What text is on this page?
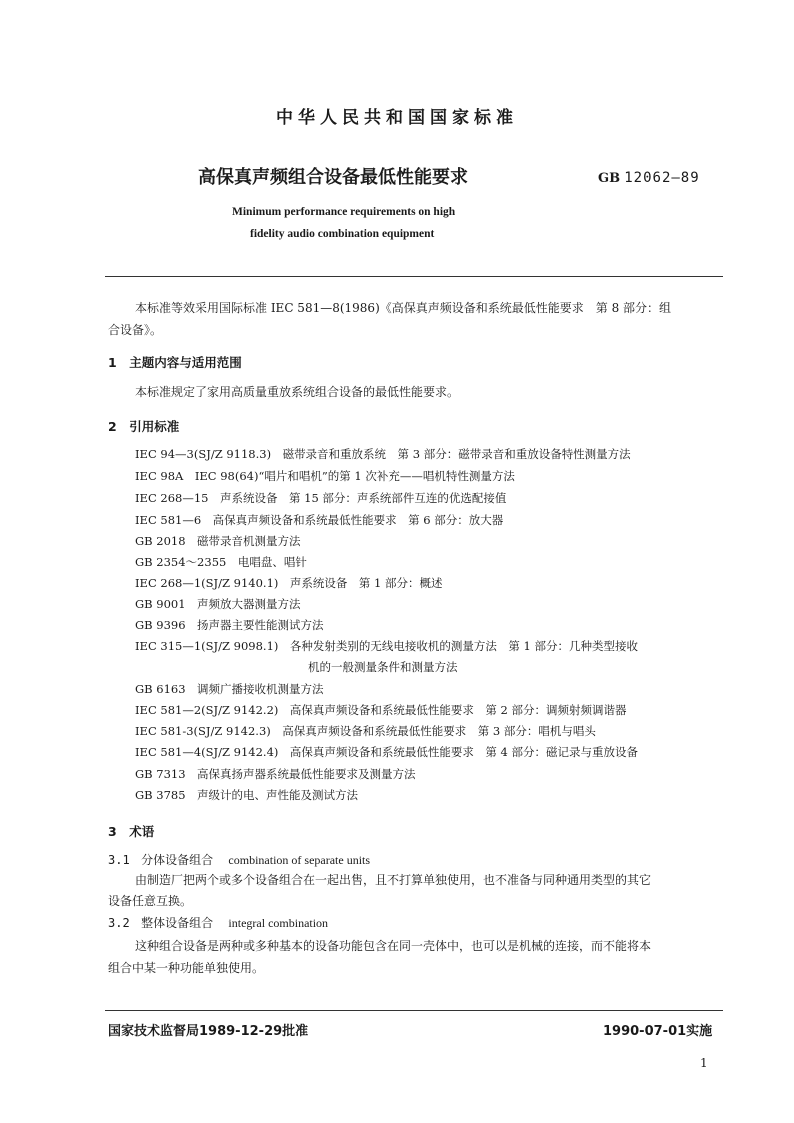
中华人民共和国国家标准
高保真声频组合设备最低性能要求	GB 12062—89
Minimum performance requirements on high
fidelity audio combination equipment
本标准等效采用国际标准 IEC 581—8(1986)《高保真声频设备和系统最低性能要求　第 8 部分：组
合设备》。
1　主题内容与适用范围
本标准规定了家用高质量重放系统组合设备的最低性能要求。
2　引用标准
IEC 94—3(SJ/Z 9118.3)　磁带录音和重放系统　第 3 部分：磁带录音和重放设备特性测量方法
IEC 98A　IEC 98(64)“唱片和唱机”的第 1 次补充——唱机特性测量方法
IEC 268—15　声系统设备　第 15 部分：声系统部件互连的优选配接值
IEC 581—6　高保真声频设备和系统最低性能要求　第 6 部分：放大器
GB 2018　磁带录音机测量方法
GB 2354～2355　电唱盘、唱针
IEC 268—1(SJ/Z 9140.1)　声系统设备　第 1 部分：概述
GB 9001　声频放大器测量方法
GB 9396　扬声器主要性能测试方法
IEC 315—1(SJ/Z 9098.1)　各种发射类别的无线电接收机的测量方法　第 1 部分：几种类型接收
机的一般测量条件和测量方法
GB 6163　调频广播接收机测量方法
IEC 581—2(SJ/Z 9142.2)　高保真声频设备和系统最低性能要求　第 2 部分：调频射频调谐器
IEC 581-3(SJ/Z 9142.3)　高保真声频设备和系统最低性能要求　第 3 部分：唱机与唱头
IEC 581—4(SJ/Z 9142.4)　高保真声频设备和系统最低性能要求　第 4 部分：磁记录与重放设备
GB 7313　高保真扬声器系统最低性能要求及测量方法
GB 3785　声级计的电、声性能及测试方法
3　术语
3.1 分体设备组合 combination of separate units
由制造厂把两个或多个设备组合在一起出售，且不打算单独使用，也不准备与同种通用类型的其它
设备任意互换。
3.2 整体设备组合 integral combination
这种组合设备是两种或多种基本的设备功能包含在同一壳体中，也可以是机械的连接，而不能将本
组合中某一种功能单独使用。
国家技术监督局1989-12-29批准	1990-07-01实施
1
